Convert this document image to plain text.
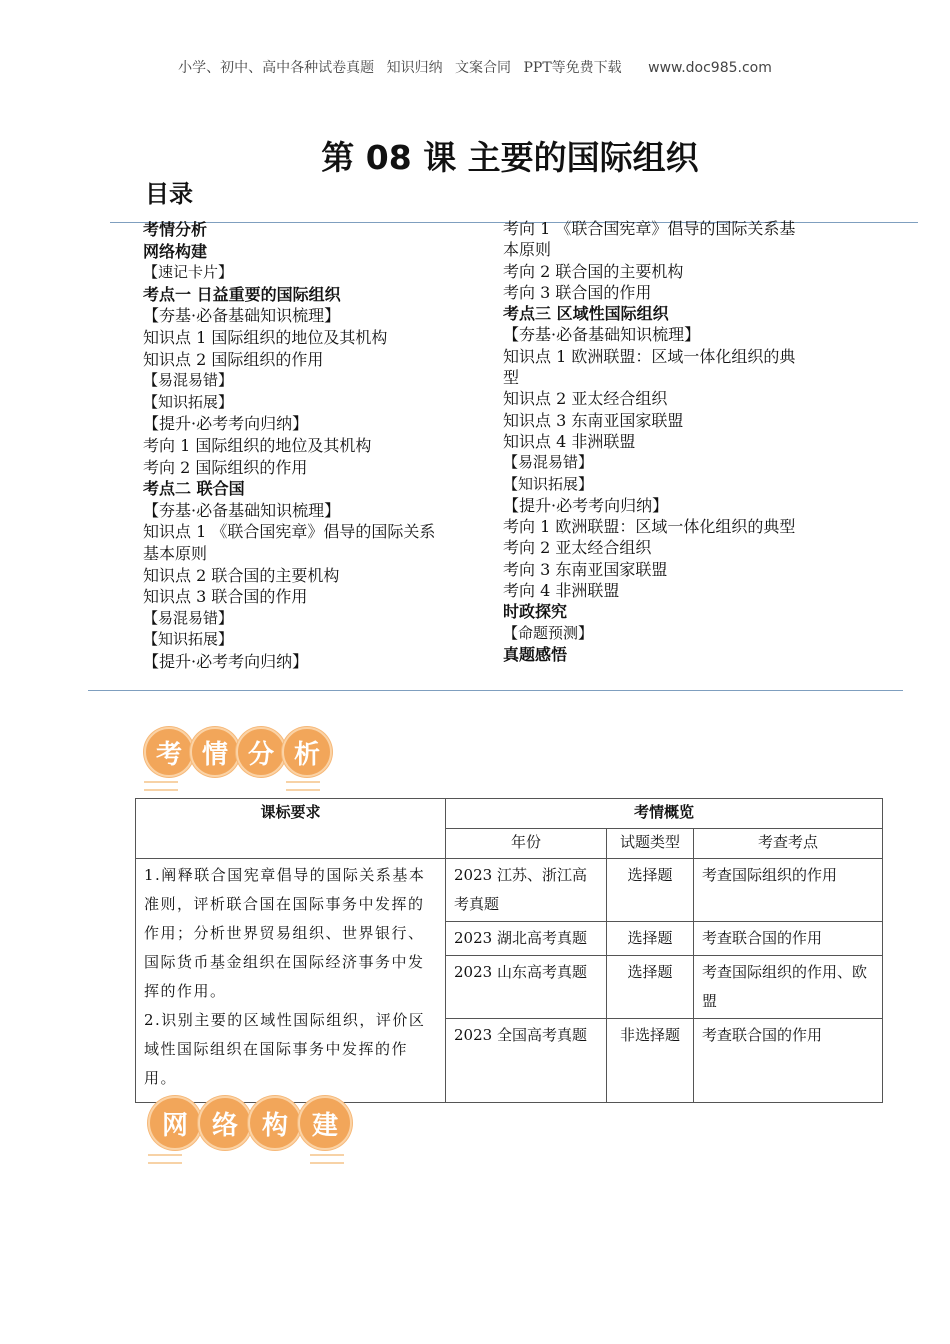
小学、初中、高中各种试卷真题 知识归纳 文案合同 PPT等免费下载 www.doc985.com
第 08 课 主要的国际组织
目录
考情分析
网络构建
【速记卡片】
考点一 日益重要的国际组织
【夯基·必备基础知识梳理】
知识点 1 国际组织的地位及其机构
知识点 2 国际组织的作用
【易混易错】
【知识拓展】
【提升·必考考向归纳】
考向 1 国际组织的地位及其机构
考向 2 国际组织的作用
考点二 联合国
【夯基·必备基础知识梳理】
知识点 1 《联合国宪章》倡导的国际关系基本原则
知识点 2 联合国的主要机构
知识点 3 联合国的作用
【易混易错】
【知识拓展】
【提升·必考考向归纳】
考向 1 《联合国宪章》倡导的国际关系基本原则
考向 2 联合国的主要机构
考向 3 联合国的作用
考点三 区域性国际组织
【夯基·必备基础知识梳理】
知识点 1 欧洲联盟：区域一体化组织的典型
知识点 2 亚太经合组织
知识点 3 东南亚国家联盟
知识点 4 非洲联盟
【易混易错】
【知识拓展】
【提升·必考考向归纳】
考向 1 欧洲联盟：区域一体化组织的典型
考向 2 亚太经合组织
考向 3 东南亚国家联盟
考向 4 非洲联盟
时政探究
【命题预测】
真题感悟
考 情 分 析
课标要求	考情概览		
	年份	试题类型	考查考点

1.阐释联合国宪章倡导的国际关系基本准则，评析联合国在国际事务中发挥的作用；分析世界贸易组织、世界银行、国际货币基金组织在国际经济事务中发挥的作用。
2.识别主要的区域性国际组织，评价区域性国际组织在国际事务中发挥的作用。	2023 江苏、浙江高考真题	选择题	考查国际组织的作用
	2023 湖北高考真题	选择题	考查联合国的作用
	2023 山东高考真题	选择题	考查国际组织的作用、欧盟
	2023 全国高考真题	非选择题	考查联合国的作用
网 络 构 建
